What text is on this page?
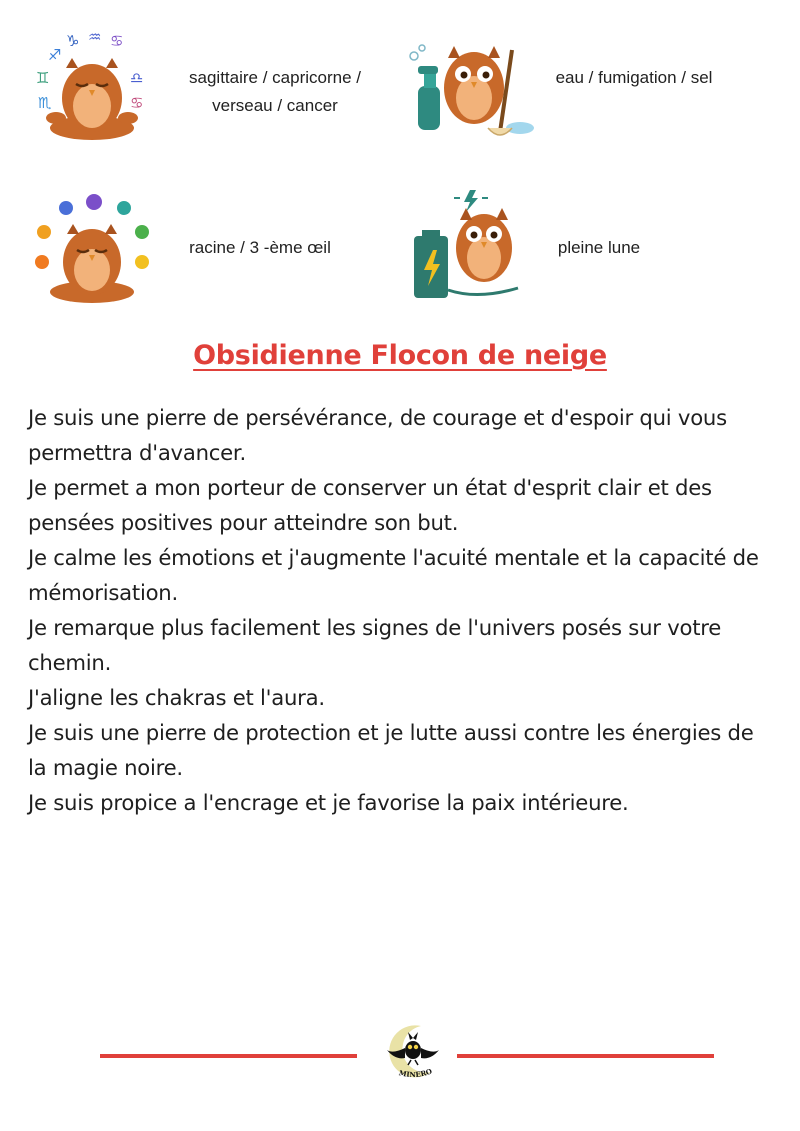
♐
♑ ♒ ♋
♊	♎
♏	♋
sagittaire / capricorne / verseau / cancer
eau / fumigation / sel
racine / 3 -ème œil	pleine lune
Obsidienne Flocon de neige

Je suis une pierre de persévérance, de courage et d'espoir qui vous permettra d'avancer.

Je permet a mon porteur de conserver un état d'esprit clair et des pensées positives pour atteindre son but.

Je calme les émotions et j'augmente l'acuité mentale et la capacité de mémorisation.

Je remarque plus facilement les signes de l'univers posés sur votre chemin.

J'aligne les chakras et l'aura.

Je suis une pierre de protection et je lutte aussi contre les énergies de la magie noire.

Je suis propice a l'encrage et je favorise la paix intérieure.

MINERO
